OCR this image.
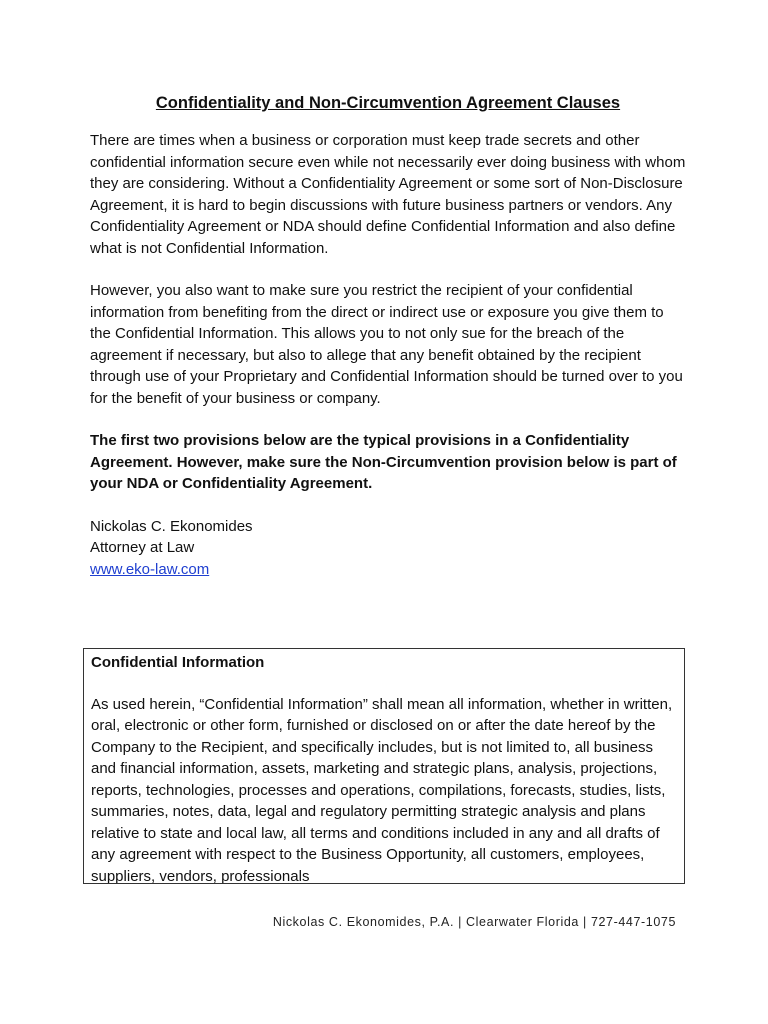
Confidentiality and Non-Circumvention Agreement Clauses

There are times when a business or corporation must keep trade secrets and other confidential information secure even while not necessarily ever doing business with whom they are considering. Without a Confidentiality Agreement or some sort of Non-Disclosure Agreement, it is hard to begin discussions with future business partners or vendors. Any Confidentiality Agreement or NDA should define Confidential Information and also define what is not Confidential Information.

However, you also want to make sure you restrict the recipient of your confidential information from benefiting from the direct or indirect use or exposure you give them to the Confidential Information. This allows you to not only sue for the breach of the agreement if necessary, but also to allege that any benefit obtained by the recipient through use of your Proprietary and Confidential Information should be turned over to you for the benefit of your business or company.

The first two provisions below are the typical provisions in a Confidentiality Agreement. However, make sure the Non-Circumvention provision below is part of your NDA or Confidentiality Agreement.

Nickolas C. Ekonomides
Attorney at Law
www.eko-law.com

Confidential Information

As used herein, “Confidential Information” shall mean all information, whether in written, oral, electronic or other form, furnished or disclosed on or after the date hereof by the Company to the Recipient, and specifically includes, but is not limited to, all business and financial information, assets, marketing and strategic plans, analysis, projections, reports, technologies, processes and operations, compilations, forecasts, studies, lists, summaries, notes, data, legal and regulatory permitting strategic analysis and plans relative to state and local law, all terms and conditions included in any and all drafts of any agreement with respect to the Business Opportunity, all customers, employees, suppliers, vendors, professionals

Nickolas C. Ekonomides, P.A. | Clearwater Florida | 727-447-1075
